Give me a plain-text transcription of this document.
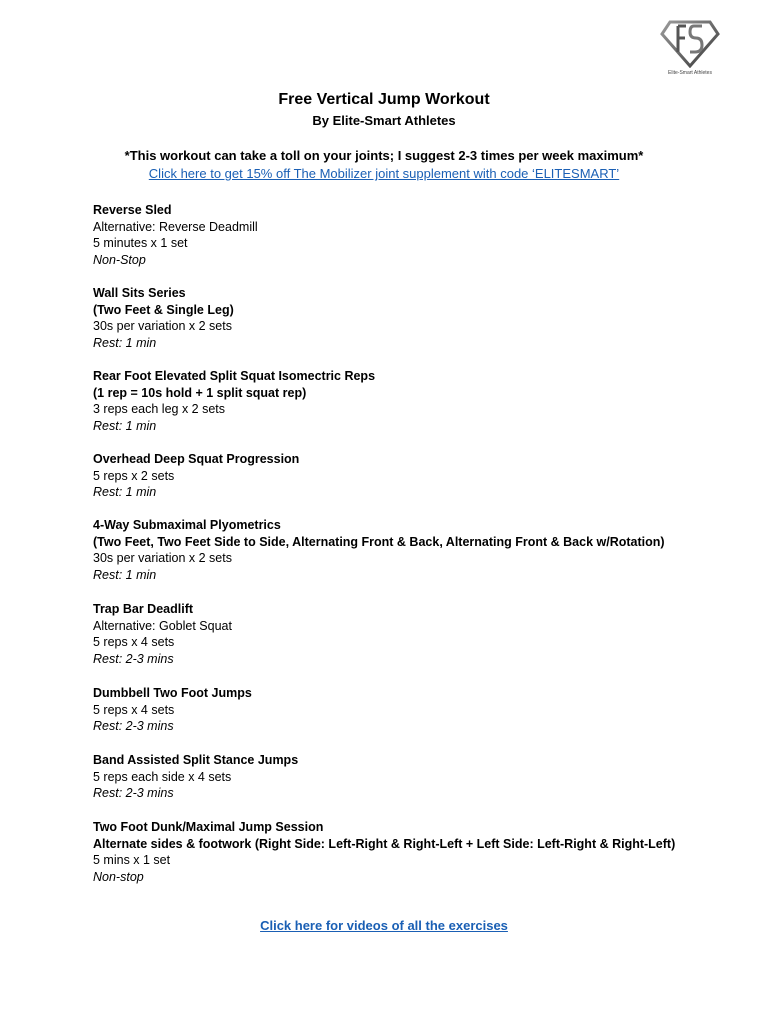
Elite-Smart Athletes
Free Vertical Jump Workout
By Elite-Smart Athletes
*This workout can take a toll on your joints; I suggest 2-3 times per week maximum*
Click here to get 15% off The Mobilizer joint supplement with code ‘ELITESMART’
Reverse Sled
Alternative: Reverse Deadmill
5 minutes x 1 set
Non-Stop
Wall Sits Series
(Two Feet & Single Leg)
30s per variation x 2 sets
Rest: 1 min
Rear Foot Elevated Split Squat Isomectric Reps
(1 rep = 10s hold + 1 split squat rep)
3 reps each leg x 2 sets
Rest: 1 min
Overhead Deep Squat Progression
5 reps x 2 sets
Rest: 1 min
4-Way Submaximal Plyometrics
(Two Feet, Two Feet Side to Side, Alternating Front & Back, Alternating Front & Back w/Rotation)
30s per variation x 2 sets
Rest: 1 min
Trap Bar Deadlift
Alternative: Goblet Squat
5 reps x 4 sets
Rest: 2-3 mins
Dumbbell Two Foot Jumps
5 reps x 4 sets
Rest: 2-3 mins
Band Assisted Split Stance Jumps
5 reps each side x 4 sets
Rest: 2-3 mins
Two Foot Dunk/Maximal Jump Session
Alternate sides & footwork (Right Side: Left-Right & Right-Left + Left Side: Left-Right & Right-Left)
5 mins x 1 set
Non-stop
Click here for videos of all the exercises
